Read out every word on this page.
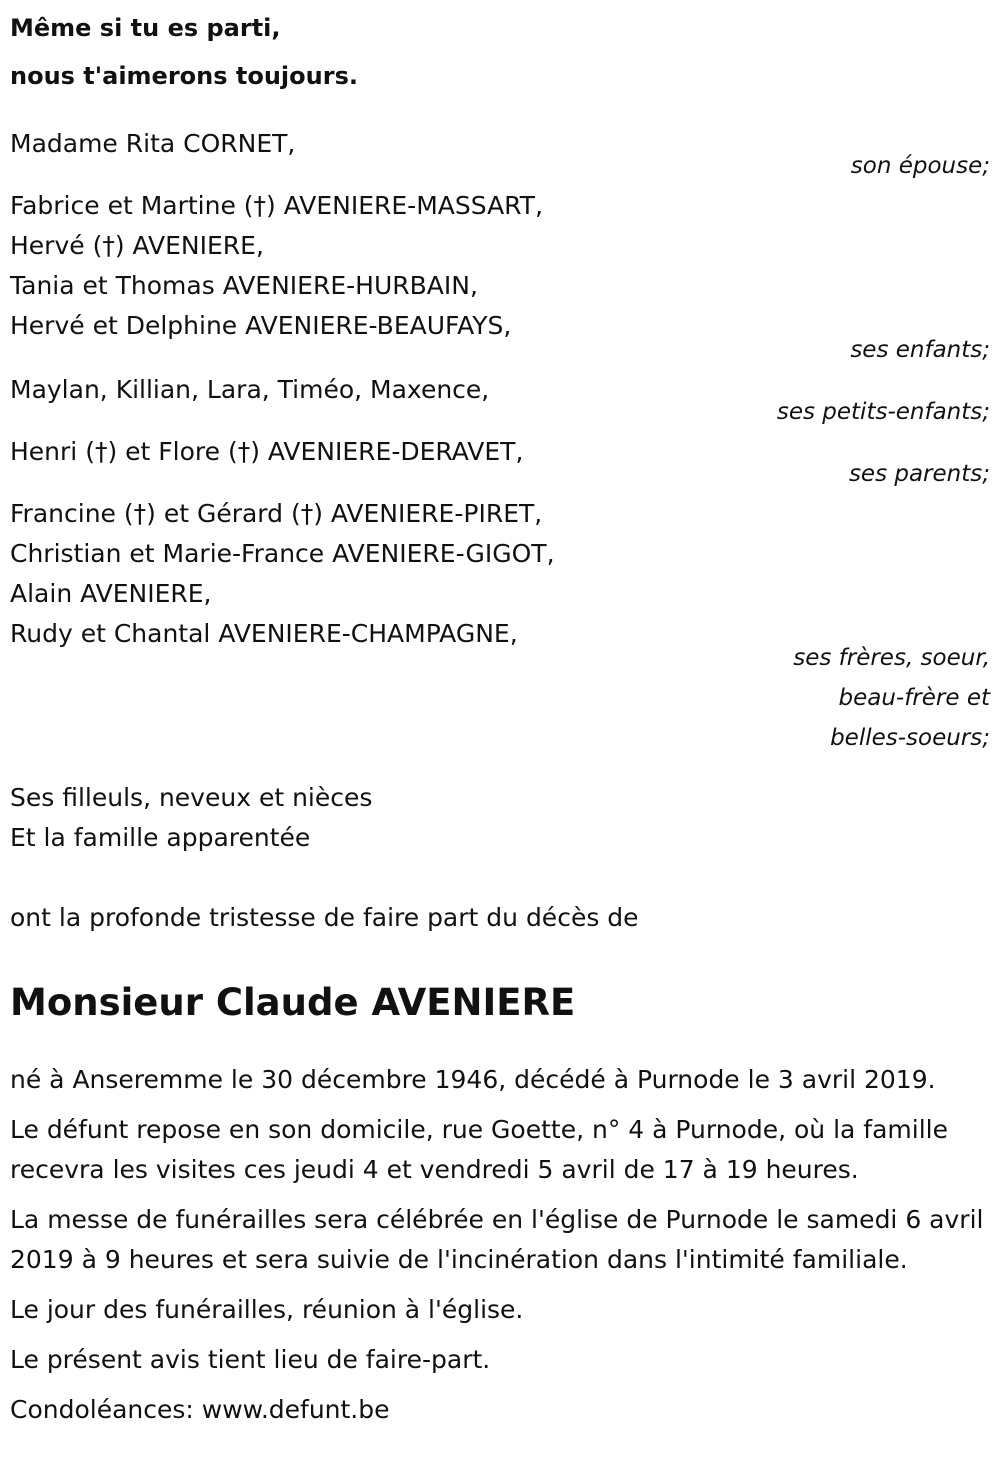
Même si tu es parti,
nous t'aimerons toujours.
Madame Rita CORNET,
son épouse;
Fabrice et Martine (†) AVENIERE-MASSART,
Hervé (†) AVENIERE,
Tania et Thomas AVENIERE-HURBAIN,
Hervé et Delphine AVENIERE-BEAUFAYS,
ses enfants;
Maylan, Killian, Lara, Timéo, Maxence,
ses petits-enfants;
Henri (†) et Flore (†) AVENIERE-DERAVET,
ses parents;
Francine (†) et Gérard (†) AVENIERE-PIRET,
Christian et Marie-France AVENIERE-GIGOT,
Alain AVENIERE,
Rudy et Chantal AVENIERE-CHAMPAGNE,
ses frères, soeur,
beau-frère et
belles-soeurs;
Ses filleuls, neveux et nièces
Et la famille apparentée
ont la profonde tristesse de faire part du décès de
Monsieur Claude AVENIERE
né à Anseremme le 30 décembre 1946, décédé à Purnode le 3 avril 2019.
Le défunt repose en son domicile, rue Goette, n° 4 à Purnode, où la famille recevra les visites ces jeudi 4 et vendredi 5 avril de 17 à 19 heures.
La messe de funérailles sera célébrée en l'église de Purnode le samedi 6 avril 2019 à 9 heures et sera suivie de l'incinération dans l'intimité familiale.
Le jour des funérailles, réunion à l'église.
Le présent avis tient lieu de faire-part.
Condoléances: www.defunt.be
